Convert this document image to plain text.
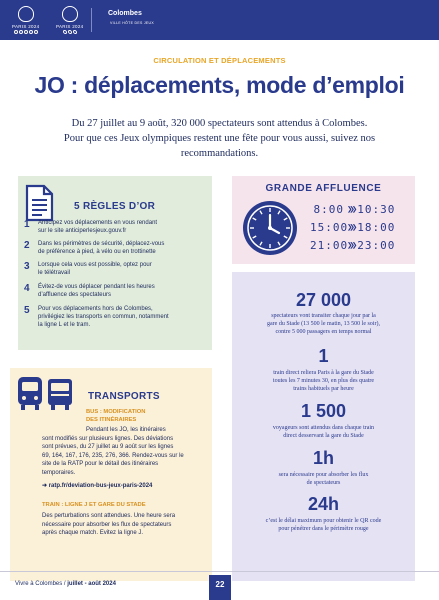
PARIS 2024	PARIS 2024
Colombes
VILLE HÔTE DES JEUX
CIRCULATION ET DÉPLACEMENTS
JO : déplacements, mode d’emploi
Du 27 juillet au 9 août, 320 000 spectateurs sont attendus à Colombes.
Pour que ces Jeux olympiques restent une fête pour vous aussi, suivez nos
recommandations.
5 RÈGLES D’OR
1	Anticipez vos déplacements en vous rendant
sur le site anticiperlesjeux.gouv.fr
2	Dans les périmètres de sécurité, déplacez-vous
de préférence à pied, à vélo ou en trottinette
3	Lorsque cela vous est possible, optez pour
le télétravail
4	Évitez-de vous déplacer pendant les heures
d’affluence des spectateurs
5	Pour vos déplacements hors de Colombes,
privilégiez les transports en commun, notamment
la ligne L et le tram.
TRANSPORTS
BUS : MODIFICATION
DES ITINÉRAIRES
Pendant les JO, les itinéraires
sont modifiés sur plusieurs lignes. Des déviations
sont prévues, du 27 juillet au 9 août sur les lignes
69, 164, 167, 176, 235, 276, 366. Rendez-vous sur le
site de la RATP pour le détail des itinéraires
temporaires.
➜ ratp.fr/deviation-bus-jeux-paris-2024
TRAIN : LIGNE J ET GARE DU STADE
Des perturbations sont attendues. Une heure sera
nécessaire pour absorber les flux de spectateurs
après chaque match. Evitez la ligne J.
GRANDE AFFLUENCE
8:00 ❯❯❯ 10:30
15:00
❯❯❯ 18:00
21:00
❯❯❯ 23:00
27 000
spectateurs vont transiter chaque jour par la
gare du Stade (13 500 le matin, 13 500 le soir),
contre 5 000 passagers en temps normal
1
train direct reliera Paris à la gare du Stade
toutes les 7 minutes 30, en plus des quatre
trains habituels par heure
1 500
voyageurs sont attendus dans chaque train
direct desservant la gare du Stade
1h
sera nécessaire pour absorber les flux
de spectateurs
24h
c’est le délai maximum pour obtenir le QR code
pour pénétrer dans le périmètre rouge
Vivre à Colombes / juillet - août 2024	22
